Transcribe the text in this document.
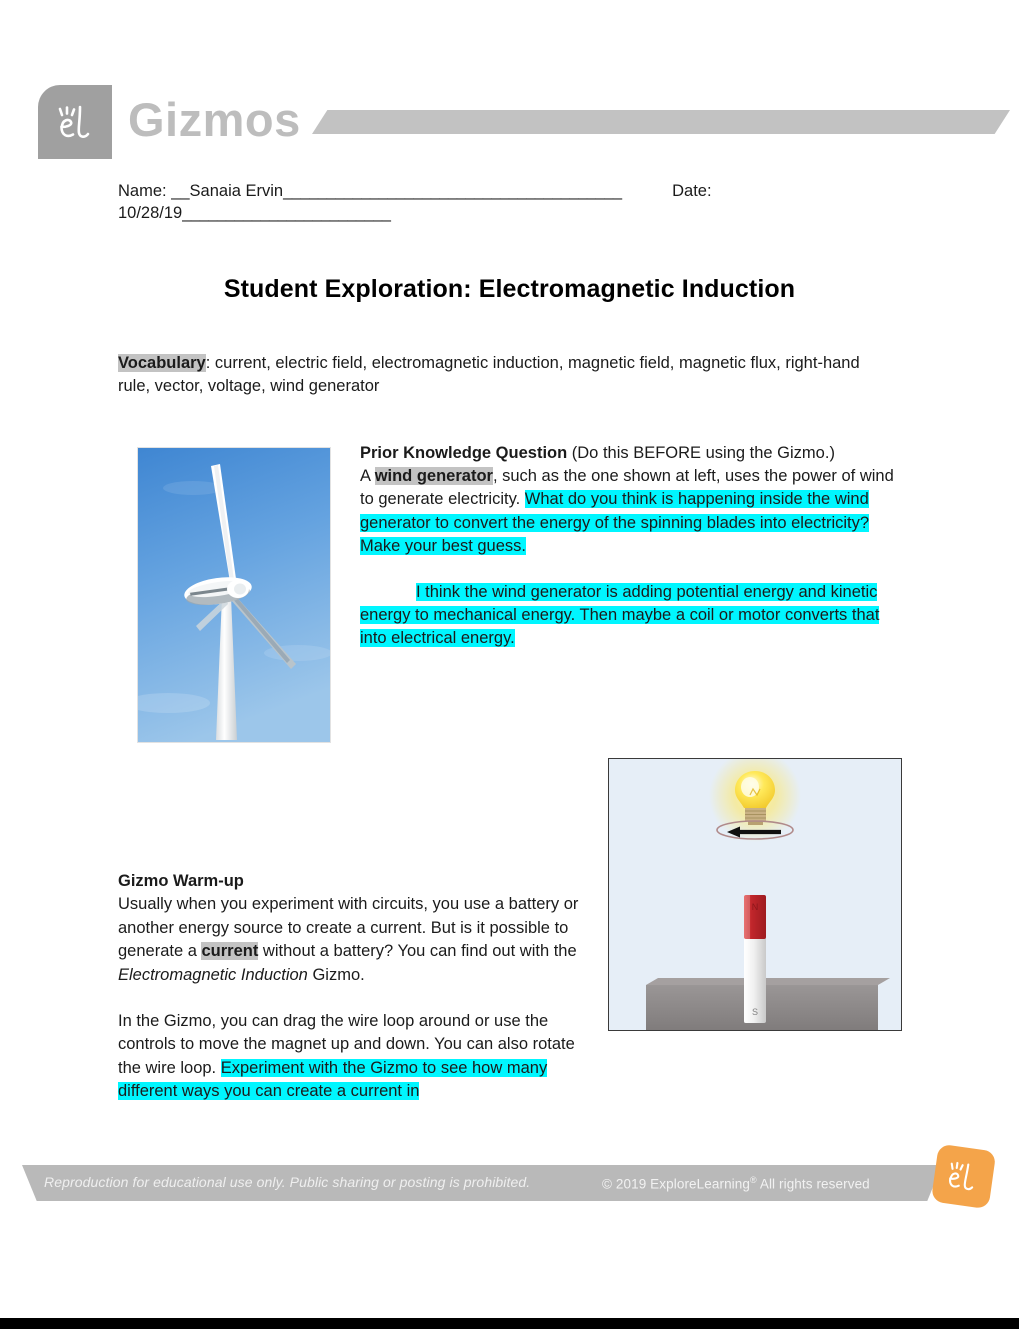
Gizmos
Name: __Sanaia Ervin_______________________________________	Date: 10/28/19________________________
Student Exploration: Electromagnetic Induction
Vocabulary: current, electric field, electromagnetic induction, magnetic field, magnetic flux, right-hand rule, vector, voltage, wind generator

Prior Knowledge Question (Do this BEFORE using the Gizmo.)A wind generator, such as the one shown at left, uses the power of wind to generate electricity. What do you think is happening inside the wind generator to convert the energy of the spinning blades into electricity? Make your best guess.

I think the wind generator is adding potential energy and kinetic energy to mechanical energy. Then maybe a coil or motor converts that into electrical energy.

N
S

Gizmo Warm-up
Usually when you experiment with circuits, you use a battery or another energy source to create a current. But is it possible to generate a current without a battery? You can find out with the Electromagnetic Induction Gizmo.

In the Gizmo, you can drag the wire loop around or use the controls to move the magnet up and down. You can also rotate the wire loop. Experiment with the Gizmo to see how many different ways you can create a current in

Reproduction for educational use only. Public sharing or posting is prohibited.	© 2019 ExploreLearning® All rights reserved
